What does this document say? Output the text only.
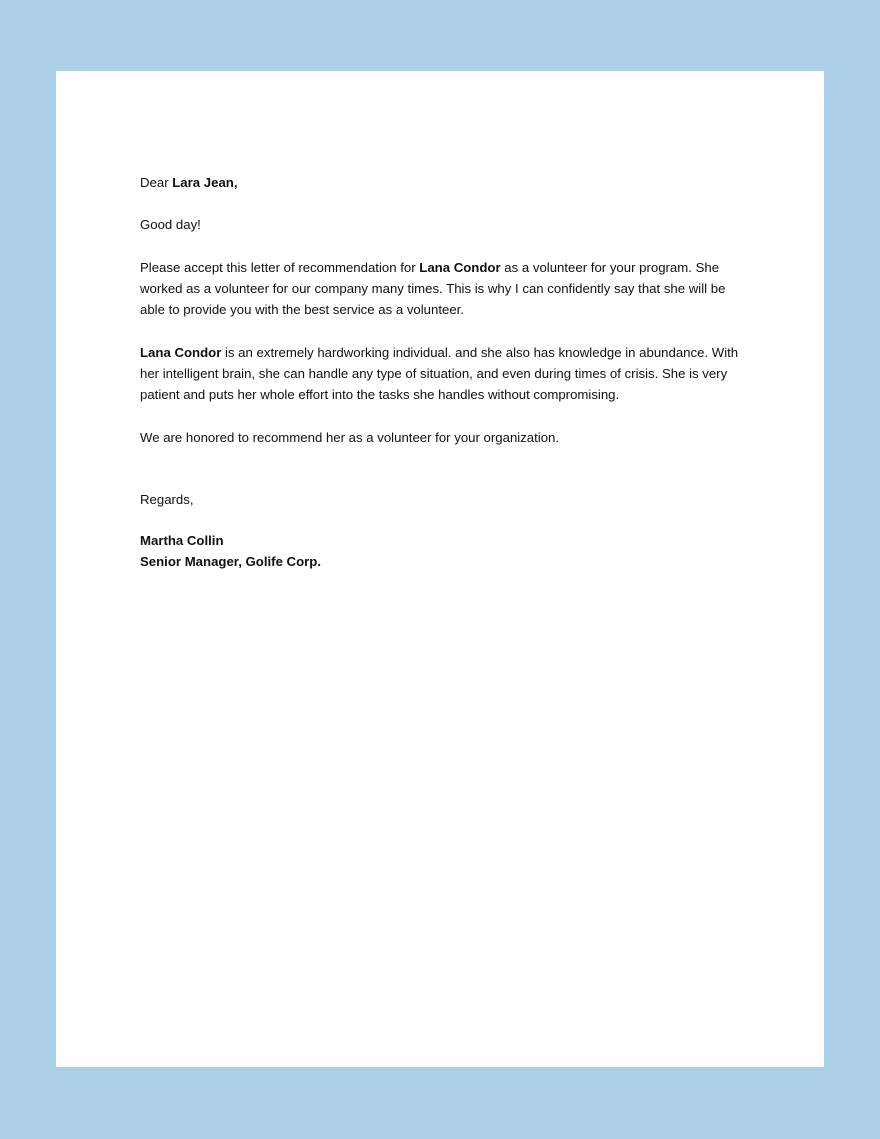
Dear Lara Jean,

Good day!

Please accept this letter of recommendation for Lana Condor as a volunteer for your program. She worked as a volunteer for our company many times. This is why I can confidently say that she will be able to provide you with the best service as a volunteer.

Lana Condor is an extremely hardworking individual. and she also has knowledge in abundance. With her intelligent brain, she can handle any type of situation, and even during times of crisis. She is very patient and puts her whole effort into the tasks she handles without compromising.

We are honored to recommend her as a volunteer for your organization.

Regards,

Martha Collin

Senior Manager, Golife Corp.
